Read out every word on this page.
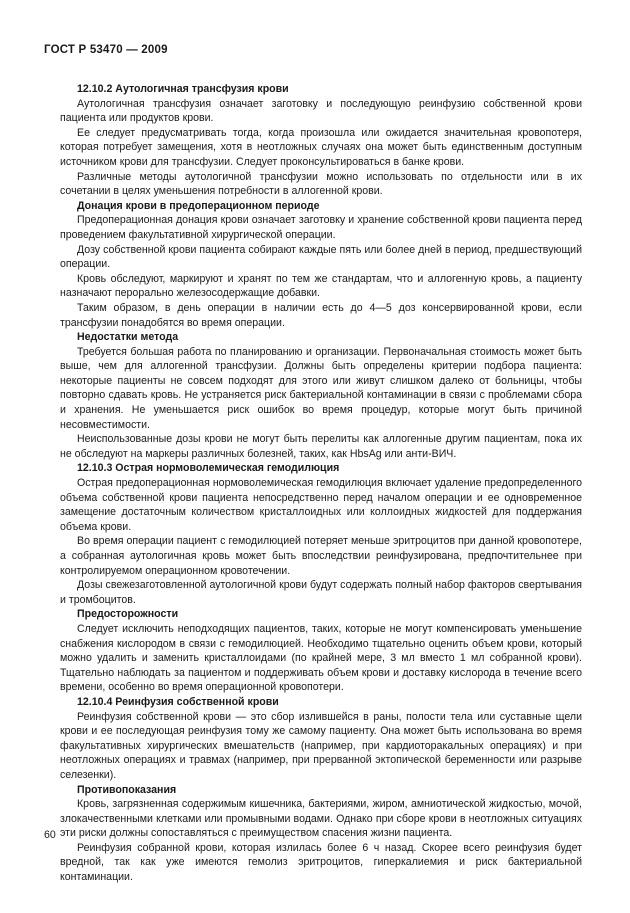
ГОСТ Р 53470 — 2009
12.10.2 Аутологичная трансфузия крови

Аутологичная трансфузия означает заготовку и последующую реинфузию собственной крови пациента или продуктов крови.

Ее следует предусматривать тогда, когда произошла или ожидается значительная кровопотеря, которая потребует замещения, хотя в неотложных случаях она может быть единственным доступным источником крови для трансфузии. Следует проконсультироваться в банке крови.

Различные методы аутологичной трансфузии можно использовать по отдельности или в их сочетании в целях уменьшения потребности в аллогенной крови.

Донация крови в предоперационном периоде

Предоперационная донация крови означает заготовку и хранение собственной крови пациента перед проведением факультативной хирургической операции.

Дозу собственной крови пациента собирают каждые пять или более дней в период, предшествующий операции.

Кровь обследуют, маркируют и хранят по тем же стандартам, что и аллогенную кровь, а пациенту назначают перорально железосодержащие добавки.

Таким образом, в день операции в наличии есть до 4—5 доз консервированной крови, если трансфузии понадобятся во время операции.

Недостатки метода

Требуется большая работа по планированию и организации. Первоначальная стоимость может быть выше, чем для аллогенной трансфузии. Должны быть определены критерии подбора пациента: некоторые пациенты не совсем подходят для этого или живут слишком далеко от больницы, чтобы повторно сдавать кровь. Не устраняется риск бактериальной контаминации в связи с проблемами сбора и хранения. Не уменьшается риск ошибок во время процедур, которые могут быть причиной несовместимости.

Неиспользованные дозы крови не могут быть перелиты как аллогенные другим пациентам, пока их не обследуют на маркеры различных болезней, таких, как HbsAg или анти-ВИЧ.

12.10.3 Острая нормоволемическая гемодилюция

Острая предоперационная нормоволемическая гемодилюция включает удаление предопределенного объема собственной крови пациента непосредственно перед началом операции и ее одновременное замещение достаточным количеством кристаллоидных или коллоидных жидкостей для поддержания объема крови.

Во время операции пациент с гемодилюцией потеряет меньше эритроцитов при данной кровопотере, а собранная аутологичная кровь может быть впоследствии реинфузирована, предпочтительнее при контролируемом операционном кровотечении.

Дозы свежезаготовленной аутологичной крови будут содержать полный набор факторов свертывания и тромбоцитов.

Предосторожности

Следует исключить неподходящих пациентов, таких, которые не могут компенсировать уменьшение снабжения кислородом в связи с гемодилюцией. Необходимо тщательно оценить объем крови, который можно удалить и заменить кристаллоидами (по крайней мере, 3 мл вместо 1 мл собранной крови). Тщательно наблюдать за пациентом и поддерживать объем крови и доставку кислорода в течение всего времени, особенно во время операционной кровопотери.

12.10.4 Реинфузия собственной крови

Реинфузия собственной крови — это сбор излившейся в раны, полости тела или суставные щели крови и ее последующая реинфузия тому же самому пациенту. Она может быть использована во время факультативных хирургических вмешательств (например, при кардиоторакальных операциях) и при неотложных операциях и травмах (например, при прерванной эктопической беременности или разрыве селезенки).

Противопоказания

Кровь, загрязненная содержимым кишечника, бактериями, жиром, амниотической жидкостью, мочой, злокачественными клетками или промывными водами. Однако при сборе крови в неотложных ситуациях эти риски должны сопоставляться с преимуществом спасения жизни пациента.

Реинфузия собранной крови, которая излилась более 6 ч назад. Скорее всего реинфузия будет вредной, так как уже имеются гемолиз эритроцитов, гиперкалиемия и риск бактериальной контаминации.

60
